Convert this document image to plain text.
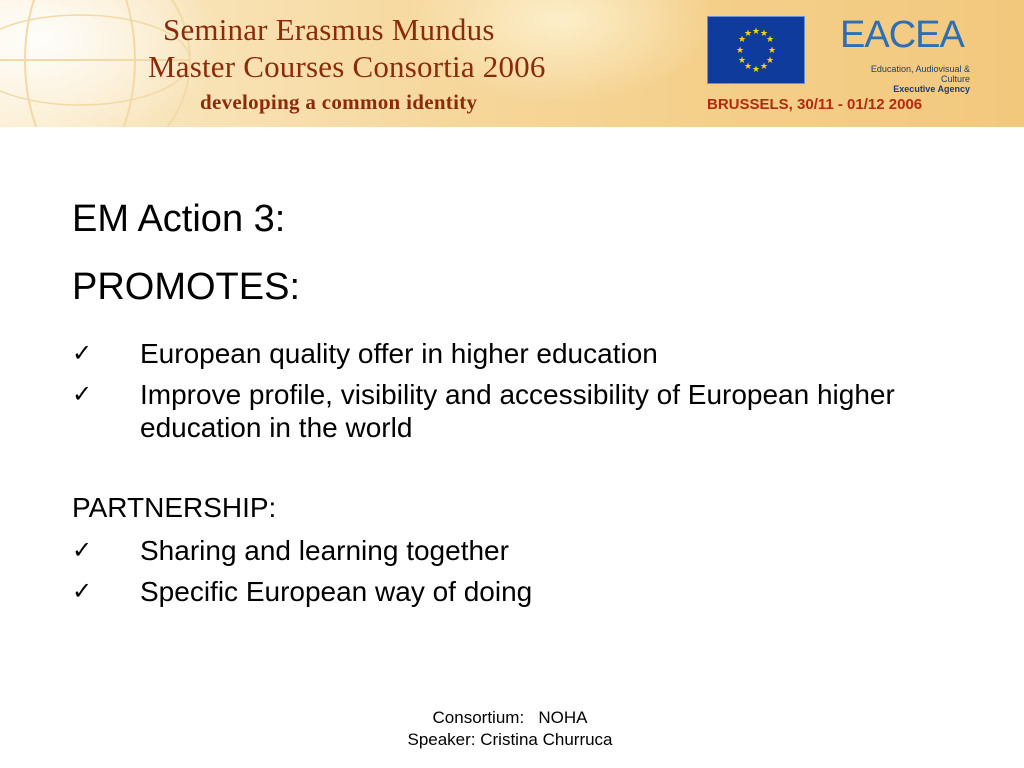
Seminar Erasmus Mundus
Master Courses Consortia 2006
developing a common identity
★ ★
★
★
★
★
★
★
★
★
★
★ EACEA
Education, Audiovisual & Culture
Executive Agency
BRUSSELS, 30/11 - 01/12 2006
EM Action 3:
PROMOTES:
✓	European quality offer in higher education
✓	Improve profile, visibility and accessibility of European higher education in the world
PARTNERSHIP:
✓	Sharing and learning together
✓	Specific European way of doing
Consortium:   NOHA
Speaker: Cristina Churruca
